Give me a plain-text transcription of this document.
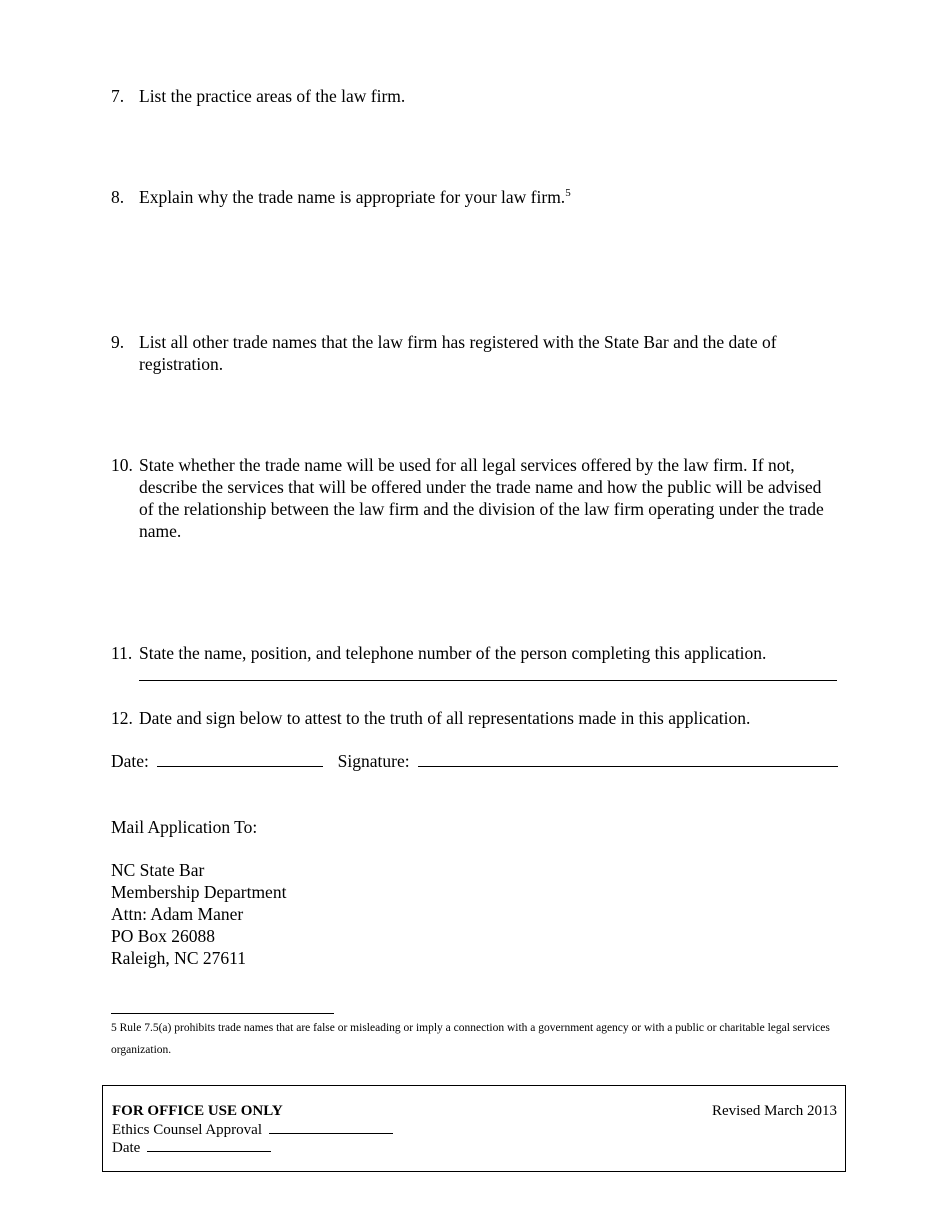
7. List the practice areas of the law firm.
8. Explain why the trade name is appropriate for your law firm.$^5$
9. List all other trade names that the law firm has registered with the State Bar and the date of registration.
10. State whether the trade name will be used for all legal services offered by the law firm. If not, describe the services that will be offered under the trade name and how the public will be advised of the relationship between the law firm and the division of the law firm operating under the trade name.
11. State the name, position, and telephone number of the person completing this application.
12. Date and sign below to attest to the truth of all representations made in this application.
Date:	Signature:
Mail Application To:
NC State Bar
Membership Department
Attn: Adam Maner
PO Box 26088
Raleigh, NC 27611
5 Rule 7.5(a) prohibits trade names that are false or misleading or imply a connection with a government agency or with a public or charitable legal services organization.
FOR OFFICE USE ONLY	Revised March 2013
Ethics Counsel Approval
Date
